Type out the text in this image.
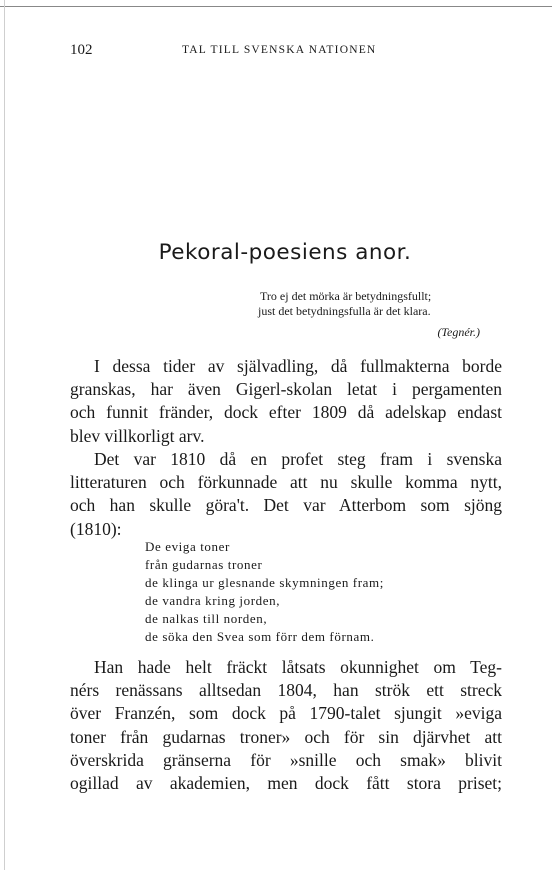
102	TAL TILL SVENSKA NATIONEN
Pekoral-poesiens anor.
Tro ej det mörka är betydningsfullt;
just det betydningsfulla är det klara.
(Tegnér.)
I dessa tider av självadling, då fullmakterna borde
granskas, har även Gigerl-skolan letat i pergamenten
och funnit fränder, dock efter 1809 då adelskap endast
blev villkorligt arv.
Det var 1810 då en profet steg fram i svenska
litteraturen och förkunnade att nu skulle komma nytt,
och han skulle göra't. Det var Atterbom som sjöng
(1810):
De eviga toner
från gudarnas troner
de klinga ur glesnande skymningen fram;
de vandra kring jorden,
de nalkas till norden,
de söka den Svea som förr dem förnam.
Han hade helt fräckt låtsats okunnighet om Teg-
nérs renässans alltsedan 1804, han strök ett streck
över Franzén, som dock på 1790-talet sjungit »eviga
toner från gudarnas troner» och för sin djärvhet att
överskrida gränserna för »snille och smak» blivit
ogillad av akademien, men dock fått stora priset;
